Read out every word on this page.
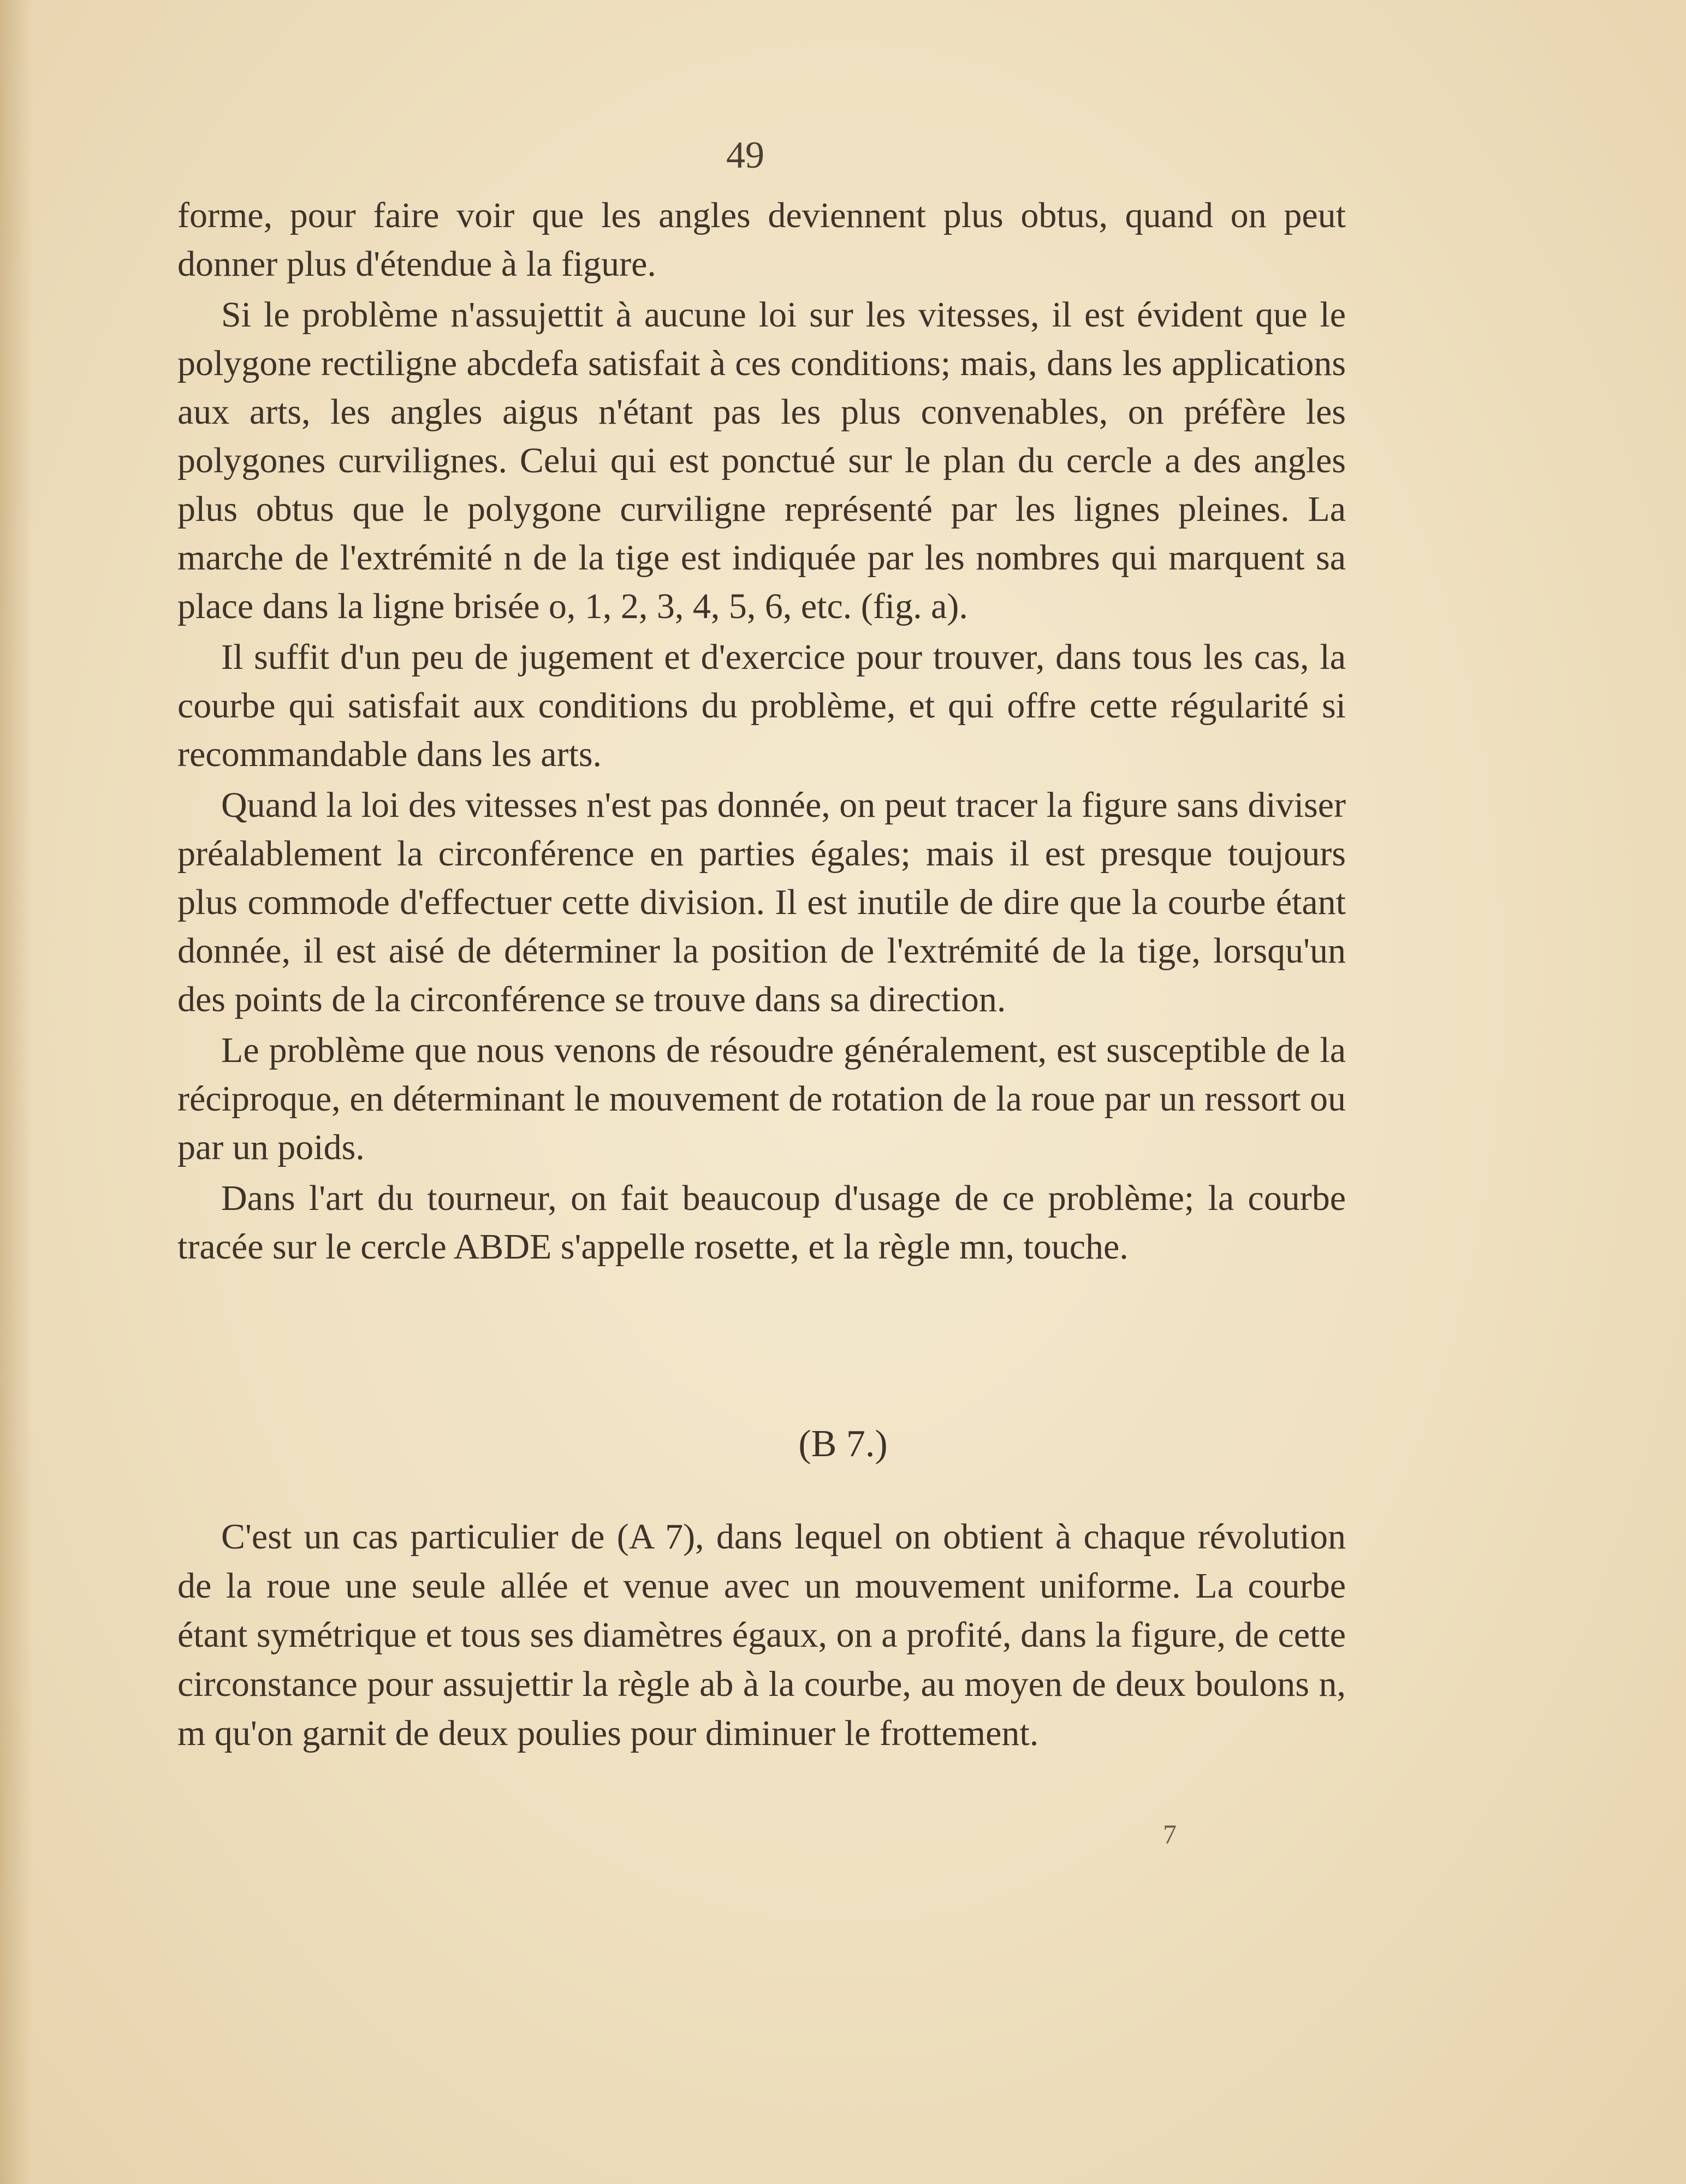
49

forme, pour faire voir que les angles deviennent plus obtus, quand on peut donner plus d'étendue à la figure.

Si le problème n'assujettit à aucune loi sur les vitesses, il est évident que le polygone rectiligne abcdefa satisfait à ces conditions; mais, dans les applications aux arts, les angles aigus n'étant pas les plus convenables, on préfère les polygones curvilignes. Celui qui est ponctué sur le plan du cercle a des angles plus obtus que le polygone curviligne représenté par les lignes pleines. La marche de l'extrémité n de la tige est indiquée par les nombres qui marquent sa place dans la ligne brisée o, 1, 2, 3, 4, 5, 6, etc. (fig. a).

Il suffit d'un peu de jugement et d'exercice pour trouver, dans tous les cas, la courbe qui satisfait aux conditions du problème, et qui offre cette régularité si recommandable dans les arts.

Quand la loi des vitesses n'est pas donnée, on peut tracer la figure sans diviser préalablement la circonférence en parties égales; mais il est presque toujours plus commode d'effectuer cette division. Il est inutile de dire que la courbe étant donnée, il est aisé de déterminer la position de l'extrémité de la tige, lorsqu'un des points de la circonférence se trouve dans sa direction.

Le problème que nous venons de résoudre généralement, est susceptible de la réciproque, en déterminant le mouvement de rotation de la roue par un ressort ou par un poids.

Dans l'art du tourneur, on fait beaucoup d'usage de ce problème; la courbe tracée sur le cercle ABDE s'appelle rosette, et la règle mn, touche.

(B 7.)

C'est un cas particulier de (A 7), dans lequel on obtient à chaque révolution de la roue une seule allée et venue avec un mouvement uniforme. La courbe étant symétrique et tous ses diamètres égaux, on a profité, dans la figure, de cette circonstance pour assujettir la règle ab à la courbe, au moyen de deux boulons n, m qu'on garnit de deux poulies pour diminuer le frottement.

7
